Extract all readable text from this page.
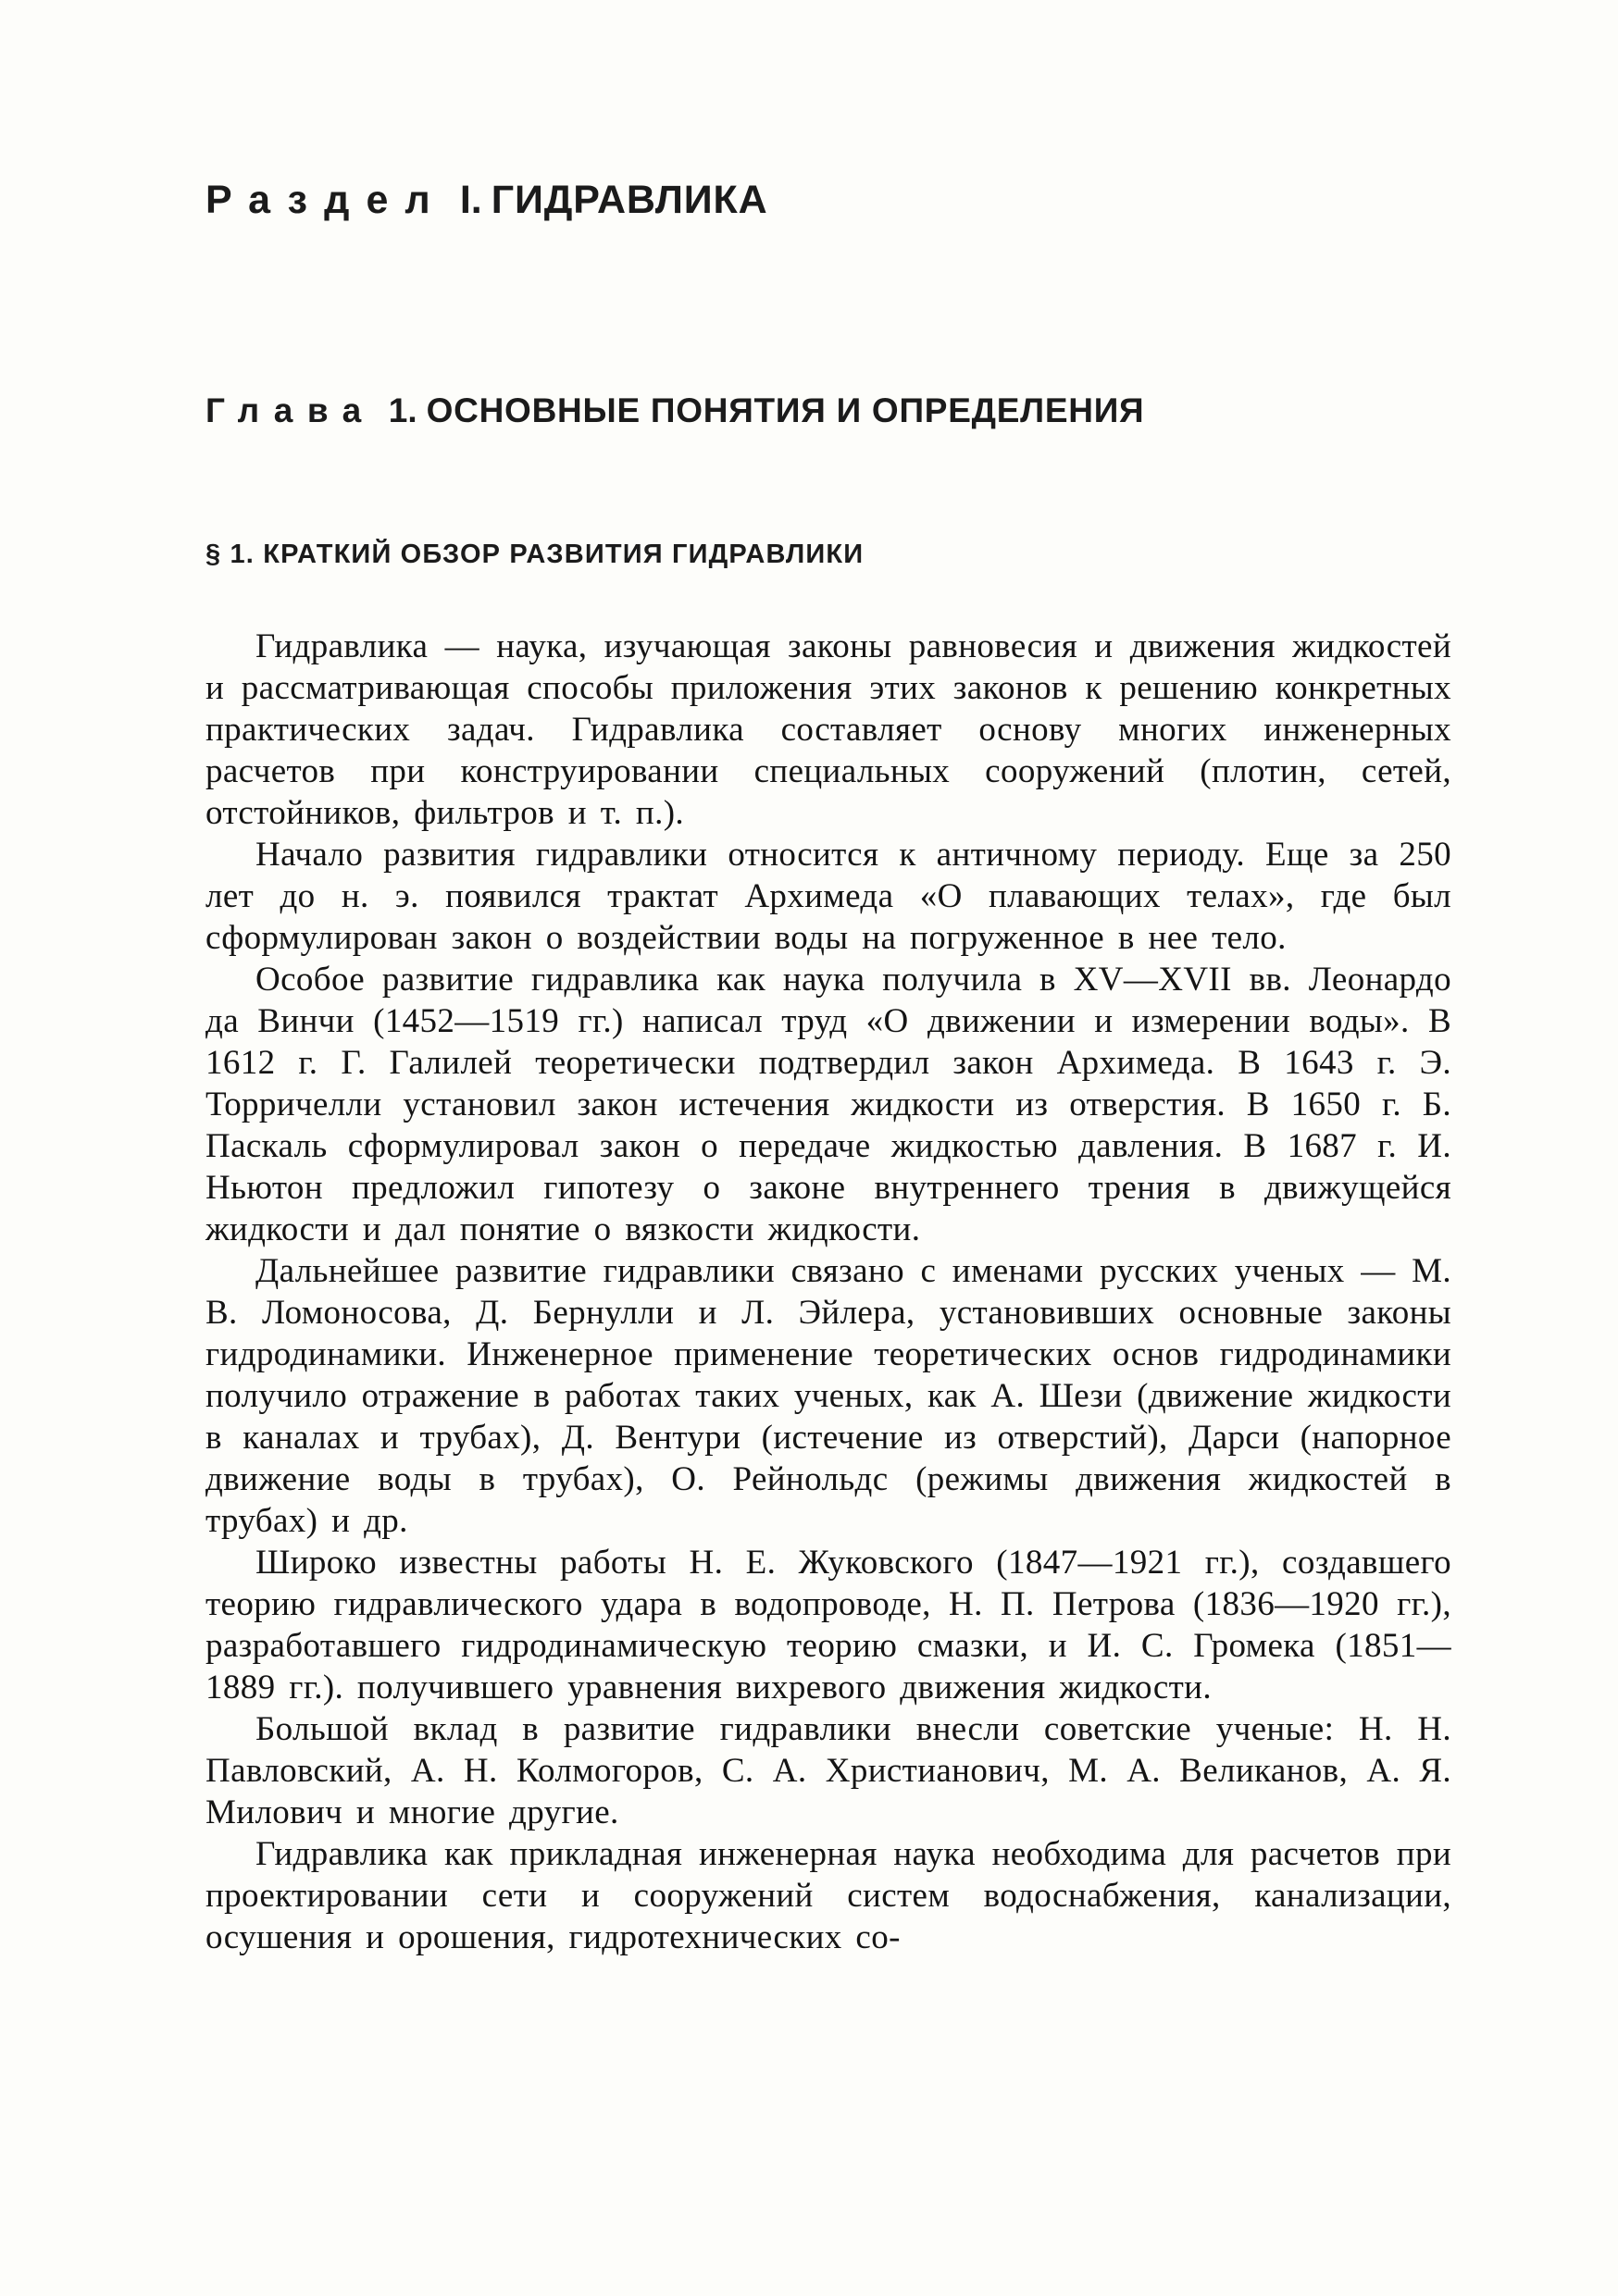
Раздел I. ГИДРАВЛИКА
Глава 1. ОСНОВНЫЕ ПОНЯТИЯ И ОПРЕДЕЛЕНИЯ
§ 1. КРАТКИЙ ОБЗОР РАЗВИТИЯ ГИДРАВЛИКИ

Гидравлика — наука, изучающая законы равновесия и движения жидкостей и рассматривающая способы приложения этих законов к решению конкретных практических задач. Гидравлика составляет основу многих инженерных расчетов при конструировании специальных сооружений (плотин, сетей, отстойников, фильтров и т. п.).

Начало развития гидравлики относится к античному периоду. Еще за 250 лет до н. э. появился трактат Архимеда «О плавающих телах», где был сформулирован закон о воздействии воды на погруженное в нее тело.

Особое развитие гидравлика как наука получила в XV—XVII вв. Леонардо да Винчи (1452—1519 гг.) написал труд «О движении и измерении воды». В 1612 г. Г. Галилей теоретически подтвердил закон Архимеда. В 1643 г. Э. Торричелли установил закон истечения жидкости из отверстия. В 1650 г. Б. Паскаль сформулировал закон о передаче жидкостью давления. В 1687 г. И. Ньютон предложил гипотезу о законе внутреннего трения в движущейся жидкости и дал понятие о вязкости жидкости.

Дальнейшее развитие гидравлики связано с именами русских ученых — М. В. Ломоносова, Д. Бернулли и Л. Эйлера, установивших основные законы гидродинамики. Инженерное применение теоретических основ гидродинамики получило отражение в работах таких ученых, как А. Шези (движение жидкости в каналах и трубах), Д. Вентури (истечение из отверстий), Дарси (напорное движение воды в трубах), О. Рейнольдс (режимы движения жидкостей в трубах) и др.

Широко известны работы Н. Е. Жуковского (1847—1921 гг.), создавшего теорию гидравлического удара в водопроводе, Н. П. Петрова (1836—1920 гг.), разработавшего гидродинамическую теорию смазки, и И. С. Громека (1851—1889 гг.). получившего уравнения вихревого движения жидкости.

Большой вклад в развитие гидравлики внесли советские ученые: Н. Н. Павловский, А. Н. Колмогоров, С. А. Христианович, М. А. Великанов, А. Я. Милович и многие другие.

Гидравлика как прикладная инженерная наука необходима для расчетов при проектировании сети и сооружений систем водоснабжения, канализации, осушения и орошения, гидротехнических со-
